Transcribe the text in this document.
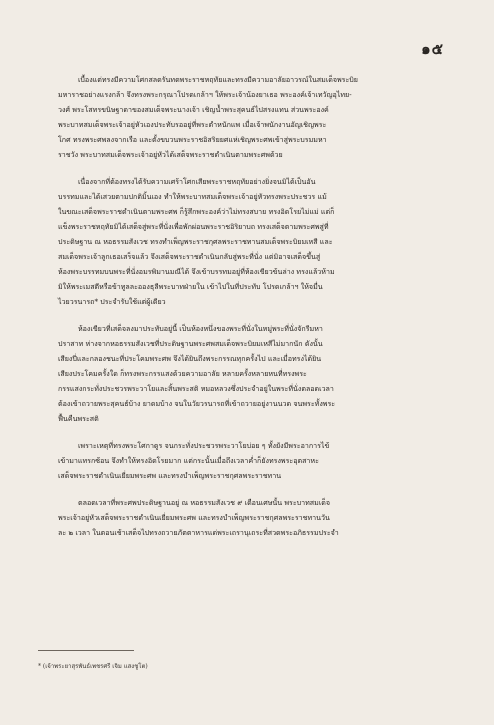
๑๕
เบื้องแต่ทรงมีความโศกสลดรันทดพระราชหฤทัยและทรงมีความอาลัยอาวรณ์ในสมเด็จพระบิย
มหาราชอย่างแรงกล้า จึงทรงพระกรุณาโปรดเกล้าฯ ให้พระเจ้าน้องยาเธอ พระองค์เจ้าเทวัญอุไทย-
วงศ์ พระโสทรขนิษฐาดาของสมเด็จพระนางเจ้า เชิญน้ำพระสุคนธ์ไปสรงแทน ส่วนพระองค์
พระบาทสมเด็จพระเจ้าอยู่หัวเองประทับรออยู่ที่พระตำหนักแพ เมื่อเจ้าพนักงานอัญเชิญพระ
โกศ ทรงพระศพลงจากเรือ และตั้งขบวนพระราชอิสริยยศแห่เชิญพระศพเข้าสู่พระบรมมหา
ราชวัง พระบาทสมเด็จพระเจ้าอยู่หัวได้เสด็จพระราชดำเนินตามพระศพด้วย
เนื่องจากที่ต้องทรงได้รับความเศร้าโศกเสียพระราชหฤทัยอย่างยิ่งจนมิได้เป็นอัน
บรรทมและได้เสวยตามปกติมิ้นเอง ทำให้พระบาทสมเด็จพระเจ้าอยู่หัวทรงพระประชวร แม้
ในขณะเสด็จพระราชดำเนินตามพระศพ ก็รู้สึกพระองค์ว่าไม่ทรงสบาย ทรงอิดโรยไม่แม่ แต่ก็
แข็งพระราชหฤทัยมิได้เสด็จสู่พระที่นั่งเพื่อพักผ่อนพระราชอิริยาบถ ทรงเสด็จตามพระศพสู่ที่
ประดิษฐาน ณ หอธรรมสังเวช ทรงทำเพ็ญพระราชกุศลพระราชทานสมเด็จพระบิยมเหสี และ
สมเด็จพระเจ้าลูกเธอเสร็จแล้ว จึงเสด็จพระราชดำเนินกลับสู่พระที่นั่ง แต่มิอาจเสด็จขึ้นสู่
ห้องพระบรรทมบนพระที่นั่งอมรพิมานมณีได้ จึงเข้าบรรทมอยู่ที่ห้องเขียวข้นล่าง ทรงแล้วห้าม
มิให้พระเมสตีหรือข้าทูลละอองธุลีพระบาทฝ่ายใน เข้าไปในที่ประทับ โปรดเกล้าฯ ให้จมื่น
ไวยวรนารถ* ประจำรับใช้แต่ผู้เดียว
ห้องเขียวที่เสด็จลงมาประทับอยู่นี้ เป็นห้องหนึ่งของพระที่นั่งในหมู่พระที่นั่งจักรีมหา
ปราสาท ห่างจากหอธรรมสังเวชที่ประดิษฐานพระศพสมเด็จพระบิยมเหสีไม่มากนัก ดังนั้น
เสียงปี่และกลองชนะที่ประโคมพระศพ จึงได้ยินถึงพระกรรณทุกครั้งไป และเมื่อทรงได้ยิน
เสียงประโคมครั้งใด ก็ทรงพระกรรแสงด้วยความอาลัย หลายครั้งหลายหนที่ทรงพระ
กรรแสงกระทั่งประชวรพระวาโยและสิ้นพระสติ หมอหลวงซึ่งประจำอยู่ในพระที่นั่งตลอดเวลา
ต้องเข้าถวายพระสุคนธ์บ้าง ยาดมบ้าง จนในวัยวรนารถที่เข้าถวายอยู่งานนวด จนพระทั้งพระ
ฟื้นคืนพระสติ
เพราะเหตุที่ทรงพระโศกาดูร จนกระทั่งประชวรพระวาโยบ่อย ๆ ทั้งยังมีพระอาการไข้
เข้ามาแทรกซ้อน จึงทำให้ทรงอิดโรยมาก แต่กระนั้นเมื่อถึงเวลาค่ำก็ยังทรงพระอุตสาหะ
เสด็จพระราชดำเนินเยี่ยมพระศพ และทรงบำเพ็ญพระราชกุศลพระราชทาน
ตลอดเวลาที่พระศพประดิษฐานอยู่ ณ หอธรรมสังเวช ๙ เดือนเศษนั้น พระบาทสมเด็จ
พระเจ้าอยู่หัวเสด็จพระราชดำเนินเยี่ยมพระศพ และทรงบำเพ็ญพระราชกุศลพระราชทานวัน
ละ ๒ เวลา ในตอนเช้าเสด็จไปทรงถวายภัตตาหารแด่พระเถรานุเถระที่สวดพระอภิธรรมประจำ
* (เจ้าพระยาสุรพันธ์เพชรศรี เจิม แสงชูโต)
